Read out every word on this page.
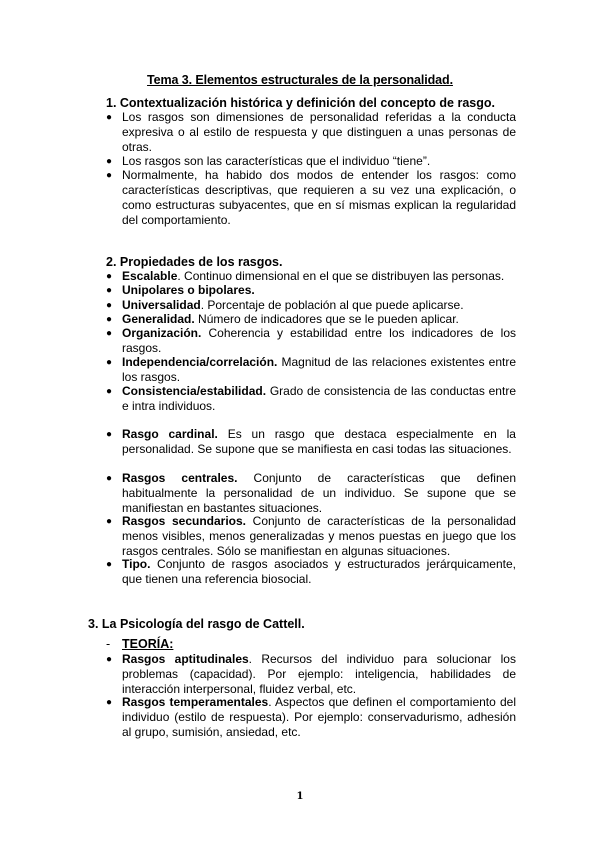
Tema 3. Elementos estructurales de la personalidad.
1. Contextualización histórica y definición del concepto de rasgo.
● Los rasgos son dimensiones de personalidad referidas a la conducta expresiva o al estilo de respuesta y que distinguen a unas personas de otras.
● Los rasgos son las características que el individuo “tiene”.
● Normalmente, ha habido dos modos de entender los rasgos: como características descriptivas, que requieren a su vez una explicación, o como estructuras subyacentes, que en sí mismas explican la regularidad del comportamiento.
2. Propiedades de los rasgos.
● Escalable. Continuo dimensional en el que se distribuyen las personas.
● Unipolares o bipolares.
● Universalidad. Porcentaje de población al que puede aplicarse.
● Generalidad. Número de indicadores que se le pueden aplicar.
● Organización. Coherencia y estabilidad entre los indicadores de los rasgos.
● Independencia/correlación. Magnitud de las relaciones existentes entre los rasgos.
● Consistencia/estabilidad. Grado de consistencia de las conductas entre e intra individuos.
● Rasgo cardinal. Es un rasgo que destaca especialmente en la personalidad. Se supone que se manifiesta en casi todas las situaciones.
● Rasgos centrales. Conjunto de características que definen habitualmente la personalidad de un individuo. Se supone que se manifiestan en bastantes situaciones.
● Rasgos secundarios. Conjunto de características de la personalidad menos visibles, menos generalizadas y menos puestas en juego que los rasgos centrales. Sólo se manifiestan en algunas situaciones.
● Tipo. Conjunto de rasgos asociados y estructurados jerárquicamente, que tienen una referencia biosocial.
3. La Psicología del rasgo de Cattell.
- TEORÍA:
● Rasgos aptitudinales. Recursos del individuo para solucionar los problemas (capacidad). Por ejemplo: inteligencia, habilidades de interacción interpersonal, fluidez verbal, etc.
● Rasgos temperamentales. Aspectos que definen el comportamiento del individuo (estilo de respuesta). Por ejemplo: conservadurismo, adhesión al grupo, sumisión, ansiedad, etc.
1
